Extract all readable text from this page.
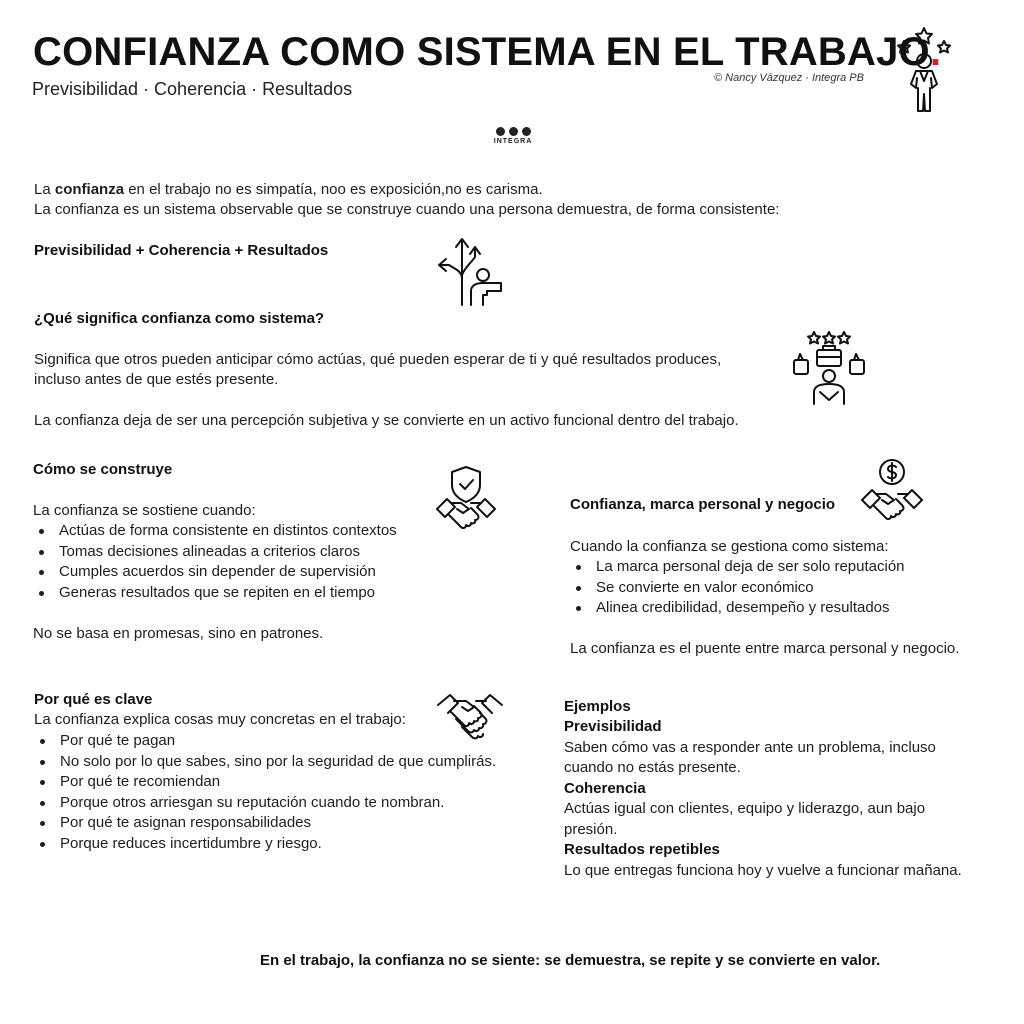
CONFIANZA COMO SISTEMA EN EL TRABAJO.
Previsibilidad · Coherencia · Resultados
© Nancy Vázquez · Integra PB
INTEGRA
La confianza en el trabajo no es simpatía, noo es exposición,no es carisma.
La confianza es un sistema observable que se construye cuando una persona demuestra, de forma consistente:
Previsibilidad + Coherencia + Resultados
¿Qué significa confianza como sistema?
Significa que otros pueden anticipar cómo actúas, qué pueden esperar de ti y qué resultados produces,
incluso antes de que estés presente.
La confianza deja de ser una percepción subjetiva y se convierte en un activo funcional dentro del trabajo.
Cómo se construye
La confianza se sostiene cuando:
Actúas de forma consistente en distintos contextos
Tomas decisiones alineadas a criterios claros
Cumples acuerdos sin depender de supervisión
Generas resultados que se repiten en el tiempo
No se basa en promesas, sino en patrones.
Confianza, marca personal y negocio
Cuando la confianza se gestiona como sistema:
La marca personal deja de ser solo reputación
Se convierte en valor económico
Alinea credibilidad, desempeño y resultados
La confianza es el puente entre marca personal y negocio.
Por qué es clave
La confianza explica cosas muy concretas en el trabajo:
Por qué te pagan
No solo por lo que sabes, sino por la seguridad de que cumplirás.
Por qué te recomiendan
Porque otros arriesgan su reputación cuando te nombran.
Por qué te asignan responsabilidades
Porque reduces incertidumbre y riesgo.
Ejemplos
Previsibilidad
Saben cómo vas a responder ante un problema, incluso
cuando no estás presente.
Coherencia
Actúas igual con clientes, equipo y liderazgo, aun bajo
presión.
Resultados repetibles
Lo que entregas funciona hoy y vuelve a funcionar mañana.
En el trabajo, la confianza no se siente: se demuestra, se repite y se convierte en valor.
